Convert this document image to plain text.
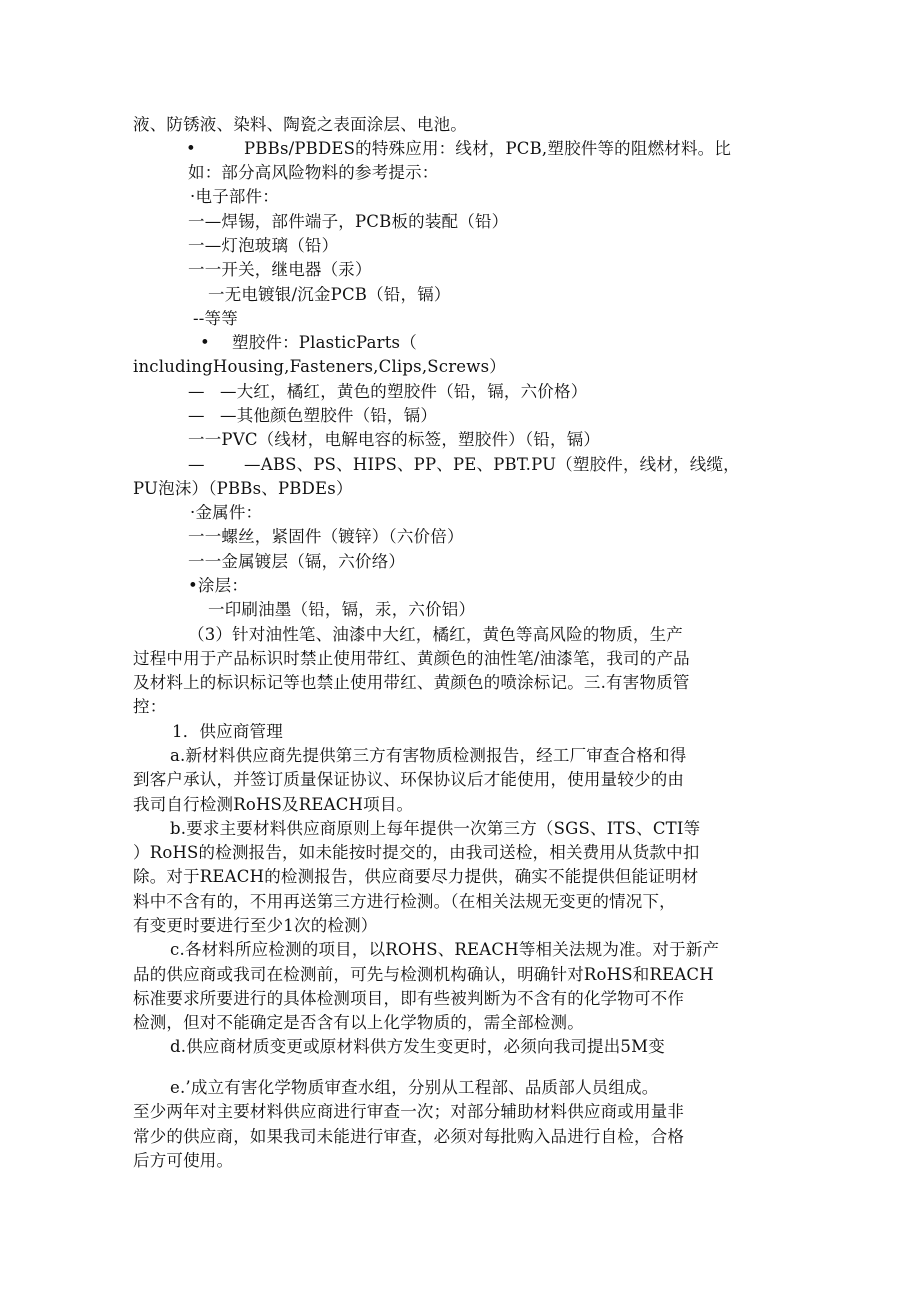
液、防锈液、染料、陶瓷之表面涂层、电池。
•	PBBs/PBDES的特殊应用：线材，PCB,塑胶件等的阻燃材料。比
如：部分高风险物料的参考提示：
·电子部件：
一—焊锡，部件端子，PCB板的装配（铅）
一—灯泡玻璃（铅）
一一开关，继电器（汞）
一无电镀银/沉金PCB（铅，镉）
--等等
• 塑胶件：PlasticParts（
includingHousing,Fasteners,Clips,Screws）
— —大红，橘红，黄色的塑胶件（铅，镉，六价格）
— —其他颜色塑胶件（铅，镉）
一一PVC（线材，电解电容的标签，塑胶件）（铅，镉）
— —ABS、PS、HIPS、PP、PE、PBT.PU（塑胶件，线材，线缆，
PU泡沫）（PBBs、PBDEs）
·金属件：
一一螺丝，紧固件（镀锌）（六价倍）
一一金属镀层（镉，六价络）
•涂层：
一印刷油墨（铅，镉，汞，六价铝）
（3）针对油性笔、油漆中大红，橘红，黄色等高风险的物质，生产
过程中用于产品标识时禁止使用带红、黄颜色的油性笔/油漆笔，我司的产品
及材料上的标识标记等也禁止使用带红、黄颜色的喷涂标记。三.有害物质管
控：
1．供应商管理
a.新材料供应商先提供第三方有害物质检测报告，经工厂审查合格和得
到客户承认，并签订质量保证协议、环保协议后才能使用，使用量较少的由
我司自行检测RoHS及REACH项目。
b.要求主要材料供应商原则上每年提供一次第三方（SGS、ITS、CTI等
）RoHS的检测报告，如未能按时提交的，由我司送检，相关费用从货款中扣
除。对于REACH的检测报告，供应商要尽力提供，确实不能提供但能证明材
料中不含有的，不用再送第三方进行检测。（在相关法规无变更的情况下，
有变更时要进行至少1次的检测）
c.各材料所应检测的项目，以ROHS、REACH等相关法规为准。对于新产
品的供应商或我司在检测前，可先与检测机构确认，明确针对RoHS和REACH
标准要求所要进行的具体检测项目，即有些被判断为不含有的化学物可不作
检测，但对不能确定是否含有以上化学物质的，需全部检测。
d.供应商材质变更或原材料供方发生变更时，必须向我司提出5M变
e.’成立有害化学物质审查水组，分别从工程部、品质部人员组成。
至少两年对主要材料供应商进行审查一次；对部分辅助材料供应商或用量非
常少的供应商，如果我司未能进行审查，必须对每批购入品进行自检，合格
后方可使用。
